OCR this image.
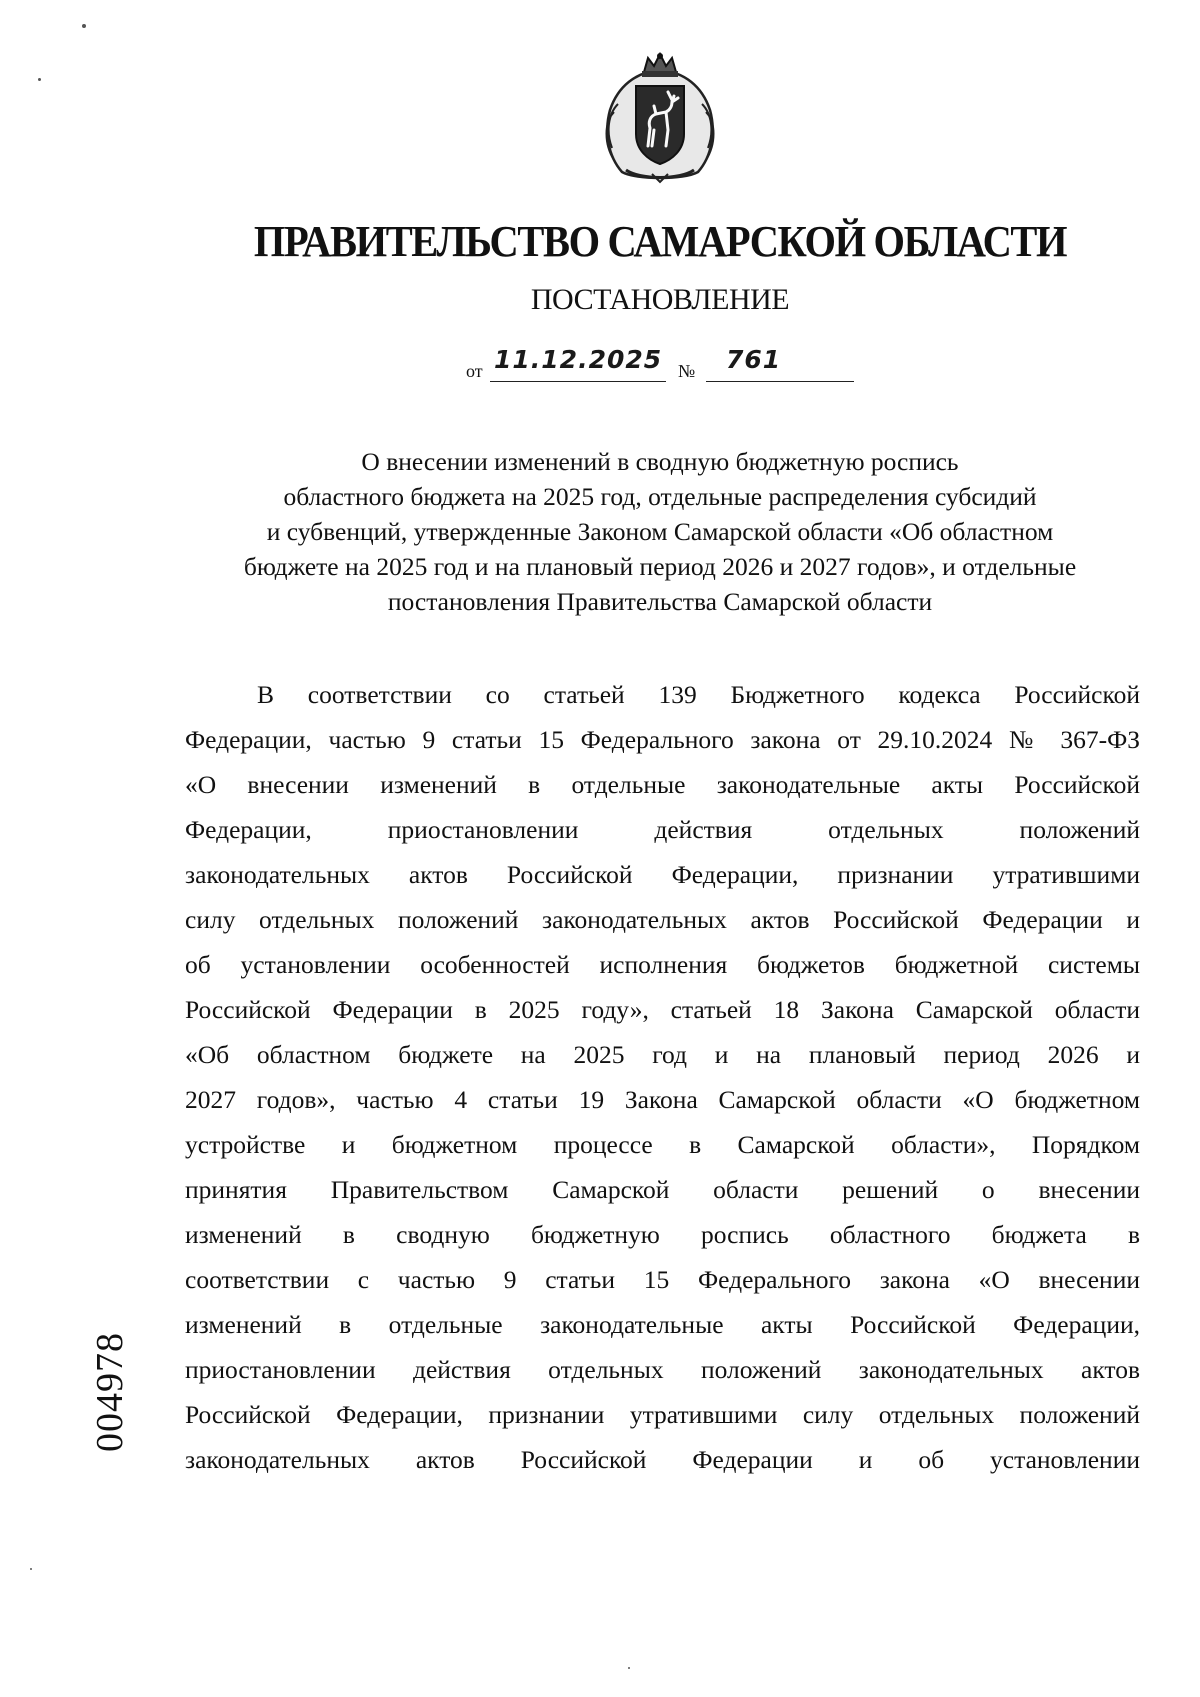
ПРАВИТЕЛЬСТВО САМАРСКОЙ ОБЛАСТИ
ПОСТАНОВЛЕНИЕ
от 11.12.2025 № 761
О внесении изменений в сводную бюджетную роспись
областного бюджета на 2025 год, отдельные распределения субсидий
и субвенций, утвержденные Законом Самарской области «Об областном
бюджете на 2025 год и на плановый период 2026 и 2027 годов», и отдельные
постановления Правительства Самарской области
В соответствии со статьей 139 Бюджетного кодекса Российской
Федерации, частью 9 статьи 15 Федерального закона от 29.10.2024 № 367-ФЗ
«О внесении изменений в отдельные законодательные акты Российской
Федерации, приостановлении действия отдельных положений
законодательных актов Российской Федерации, признании утратившими
силу отдельных положений законодательных актов Российской Федерации и
об установлении особенностей исполнения бюджетов бюджетной системы
Российской Федерации в 2025 году», статьей 18 Закона Самарской области
«Об областном бюджете на 2025 год и на плановый период 2026 и
2027 годов», частью 4 статьи 19 Закона Самарской области «О бюджетном
устройстве и бюджетном процессе в Самарской области», Порядком
принятия Правительством Самарской области решений о внесении
изменений в сводную бюджетную роспись областного бюджета в
соответствии с частью 9 статьи 15 Федерального закона «О внесении
изменений в отдельные законодательные акты Российской Федерации,
приостановлении действия отдельных положений законодательных актов
Российской Федерации, признании утратившими силу отдельных положений
законодательных актов Российской Федерации и об установлении
004978
